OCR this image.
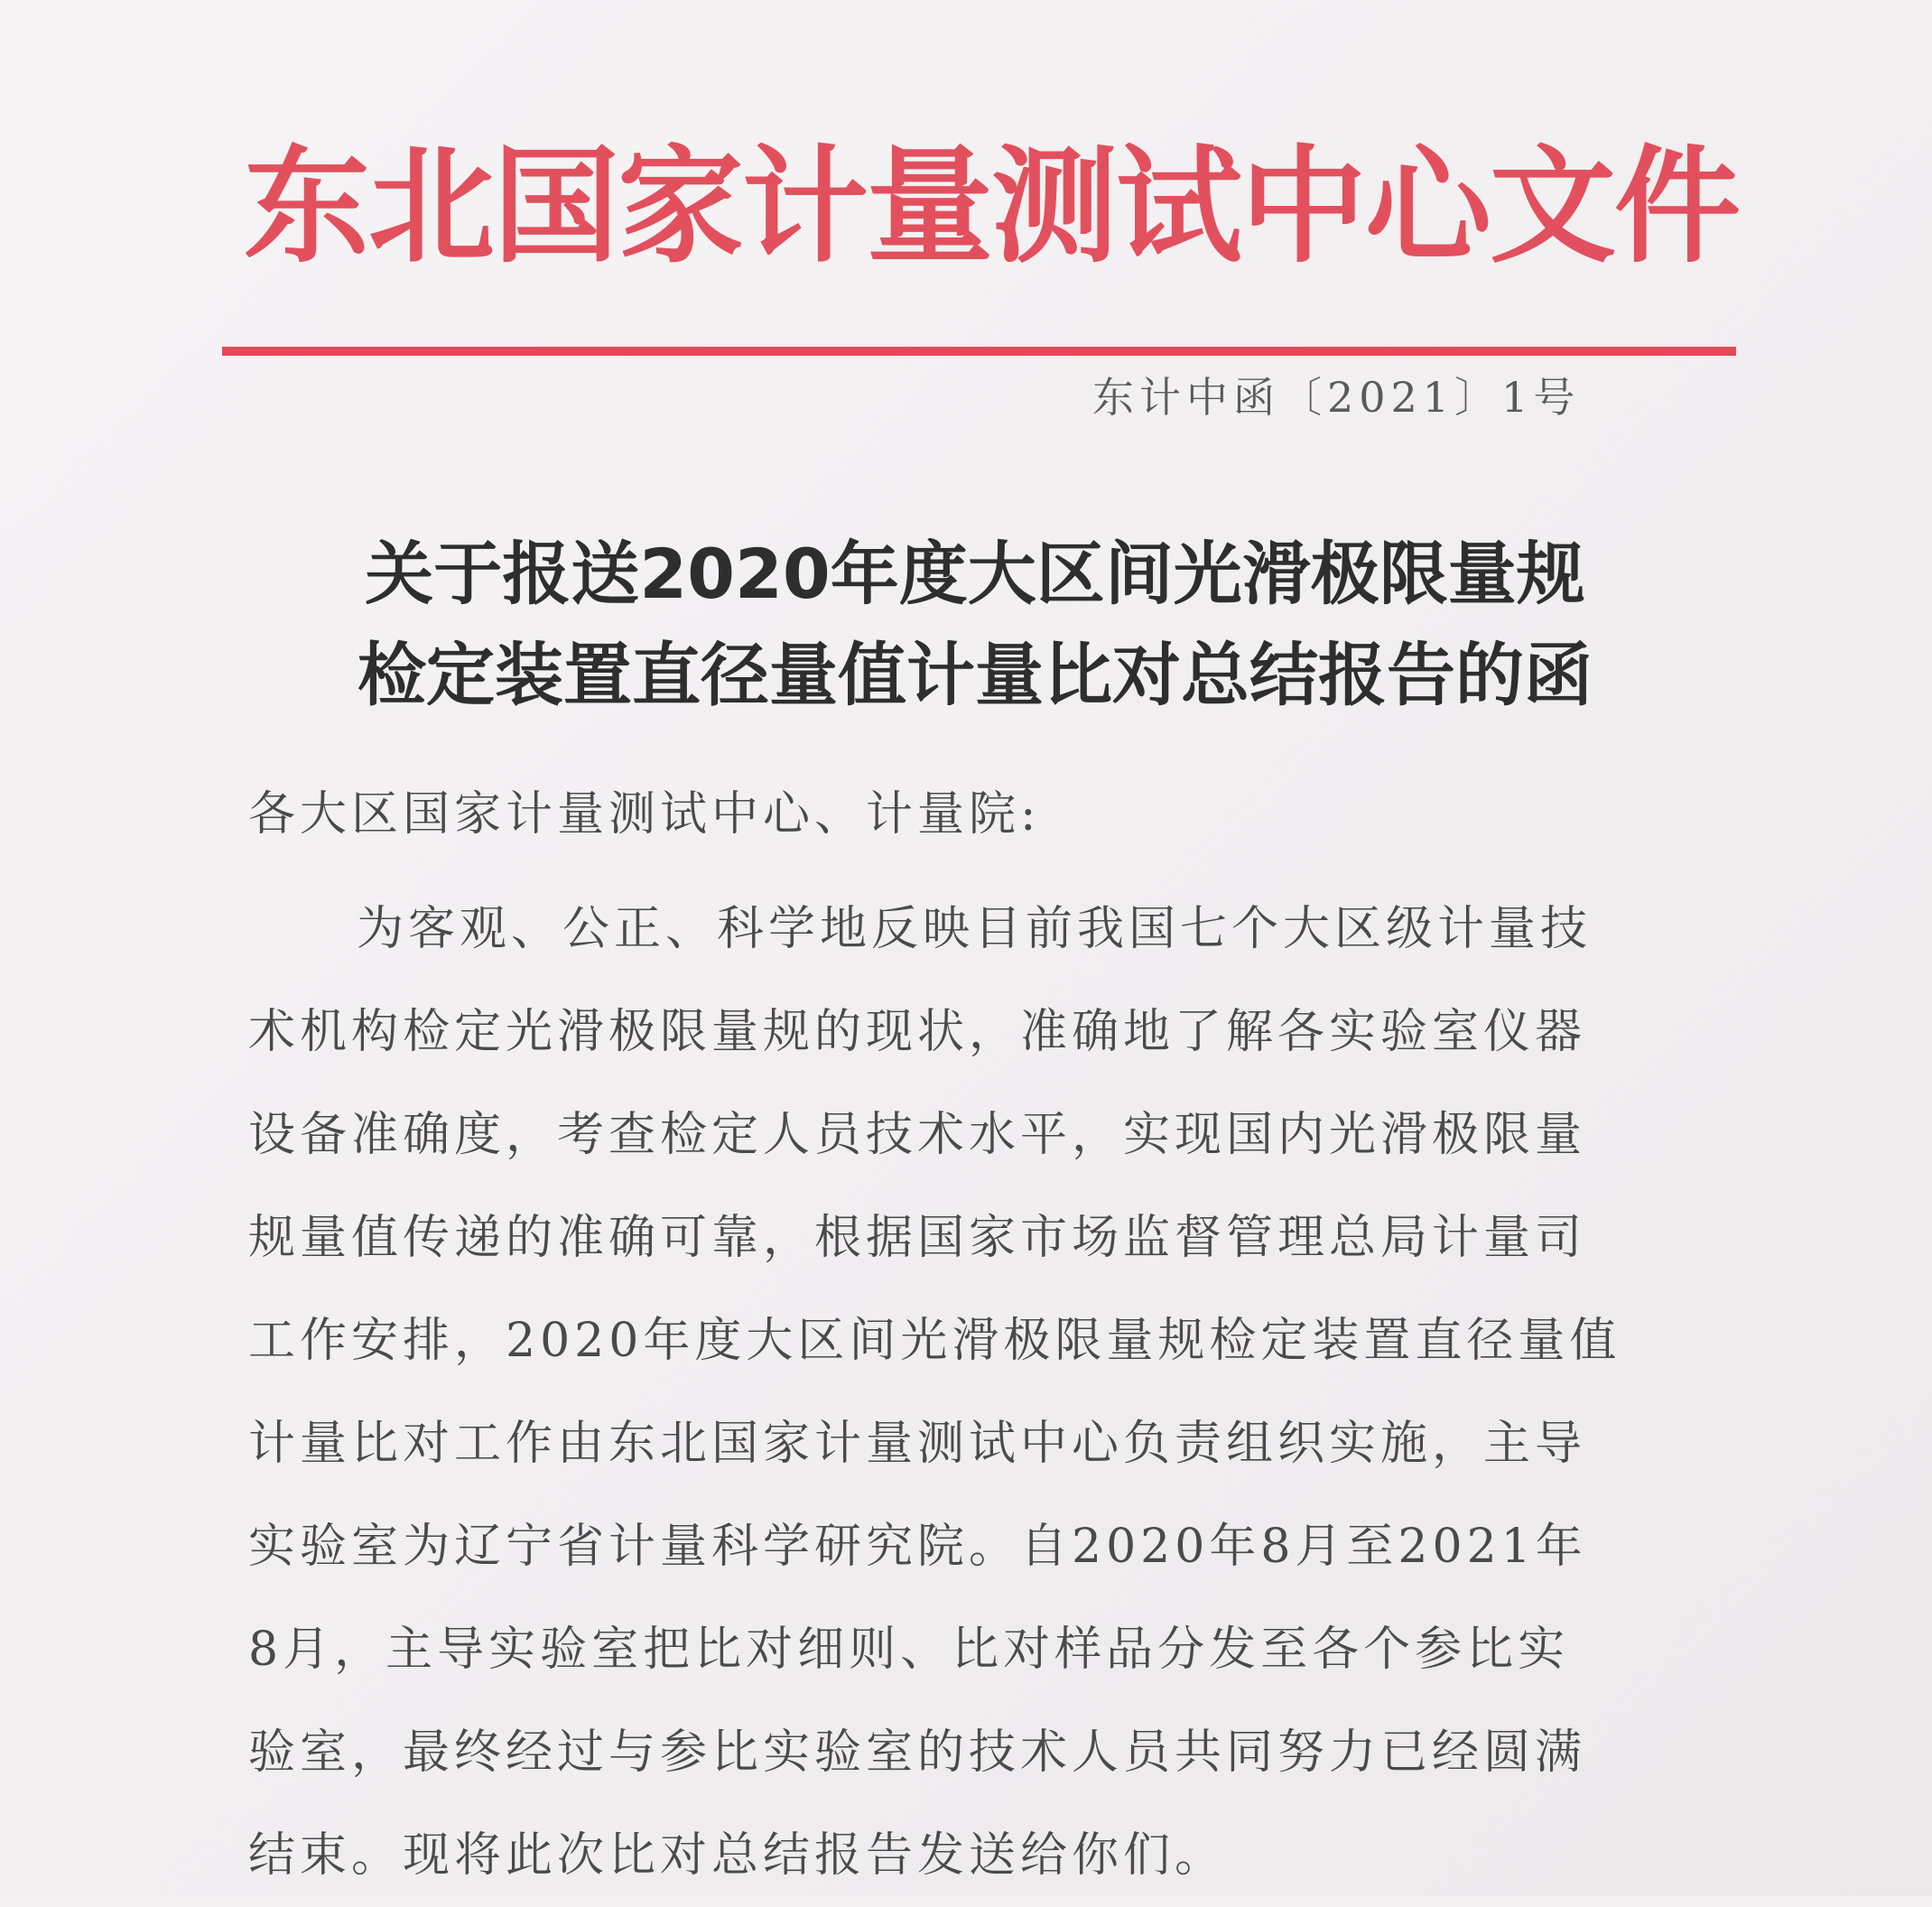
东北国家计量测试中心文件
东计中函〔2021〕1号
关于报送2020年度大区间光滑极限量规
检定装置直径量值计量比对总结报告的函
各大区国家计量测试中心、计量院:
为客观、公正、科学地反映目前我国七个大区级计量技
术机构检定光滑极限量规的现状，准确地了解各实验室仪器
设备准确度，考查检定人员技术水平，实现国内光滑极限量
规量值传递的准确可靠，根据国家市场监督管理总局计量司
工作安排，2020年度大区间光滑极限量规检定装置直径量值
计量比对工作由东北国家计量测试中心负责组织实施，主导
实验室为辽宁省计量科学研究院。自2020年8月至2021年
8月，主导实验室把比对细则、比对样品分发至各个参比实
验室，最终经过与参比实验室的技术人员共同努力已经圆满
结束。现将此次比对总结报告发送给你们。
